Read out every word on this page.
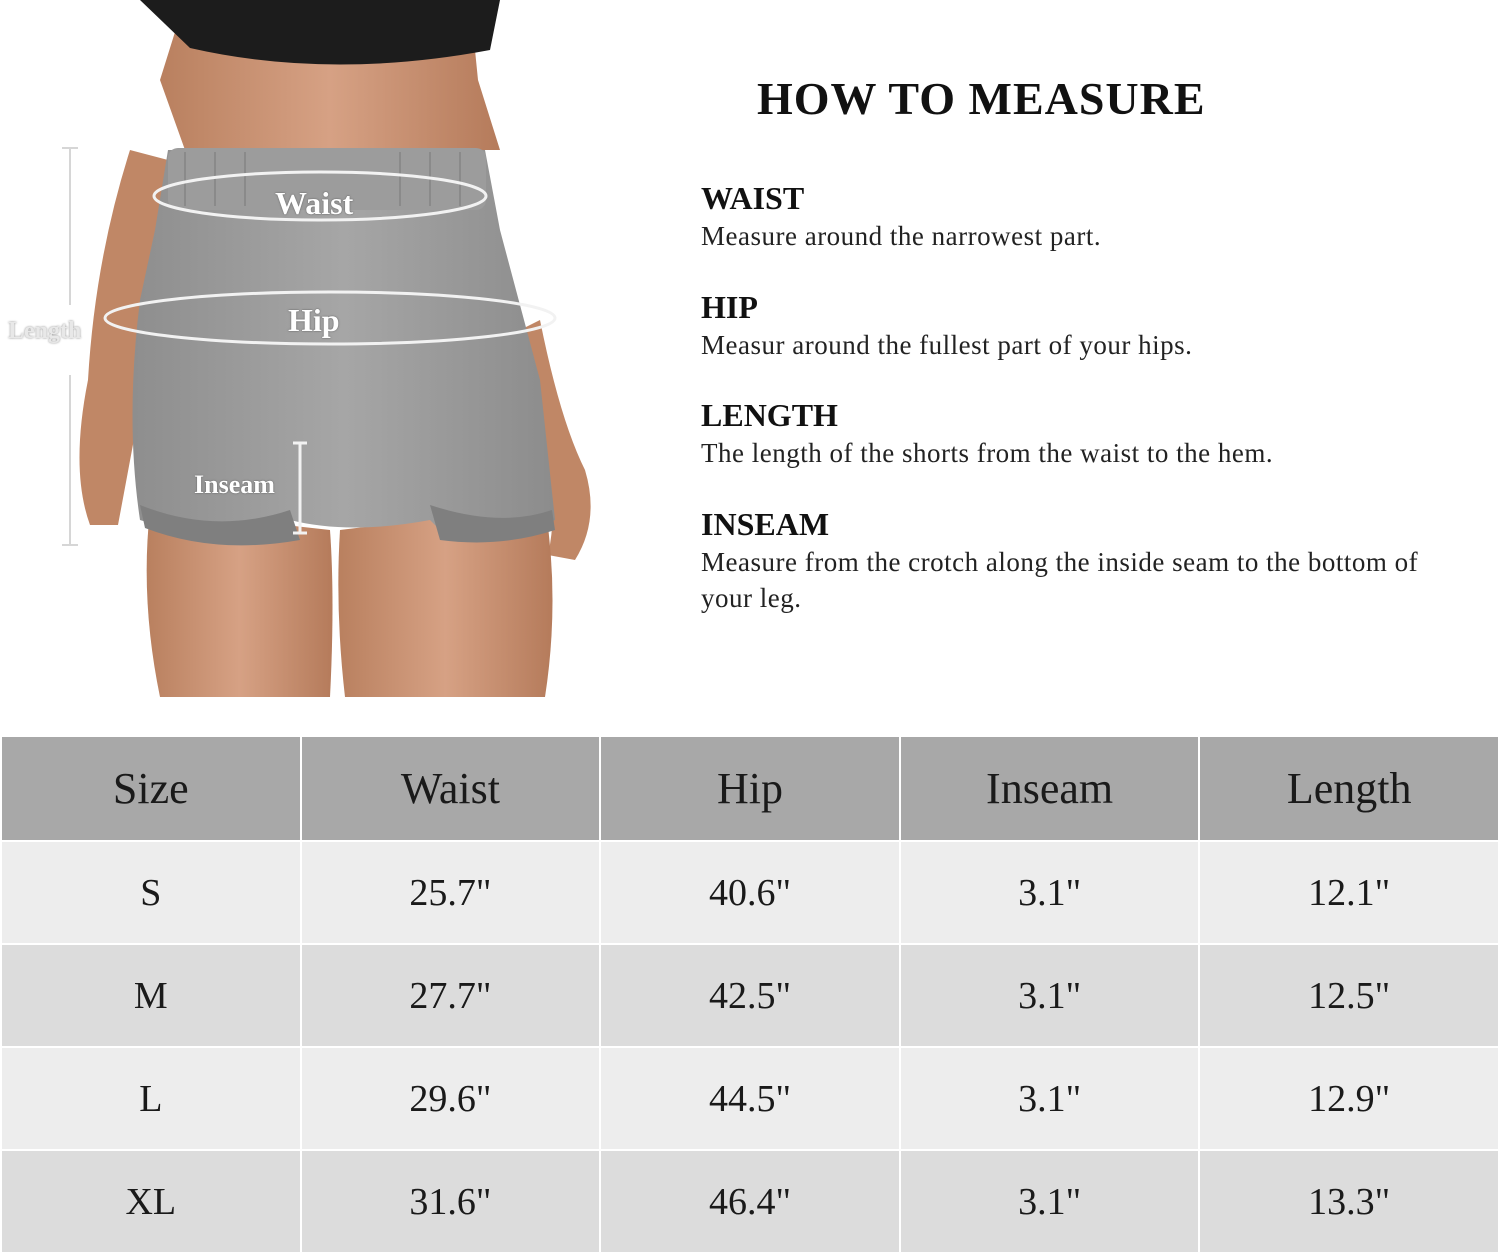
Waist
Hip
Length
Inseam
HOW TO MEASURE
WAIST

Measure around the narrowest part.

HIP

Measur around the fullest part of your hips.

LENGTH

The length of the shorts from the waist to the hem.

INSEAM

Measure from the crotch along the inside seam to the bottom of your leg.

Size	Waist	Hip	Inseam	Length
S	25.7"	40.6"	3.1"	12.1"
M	27.7"	42.5"	3.1"	12.5"
L	29.6"	44.5"	3.1"	12.9"
XL	31.6"	46.4"	3.1"	13.3"
